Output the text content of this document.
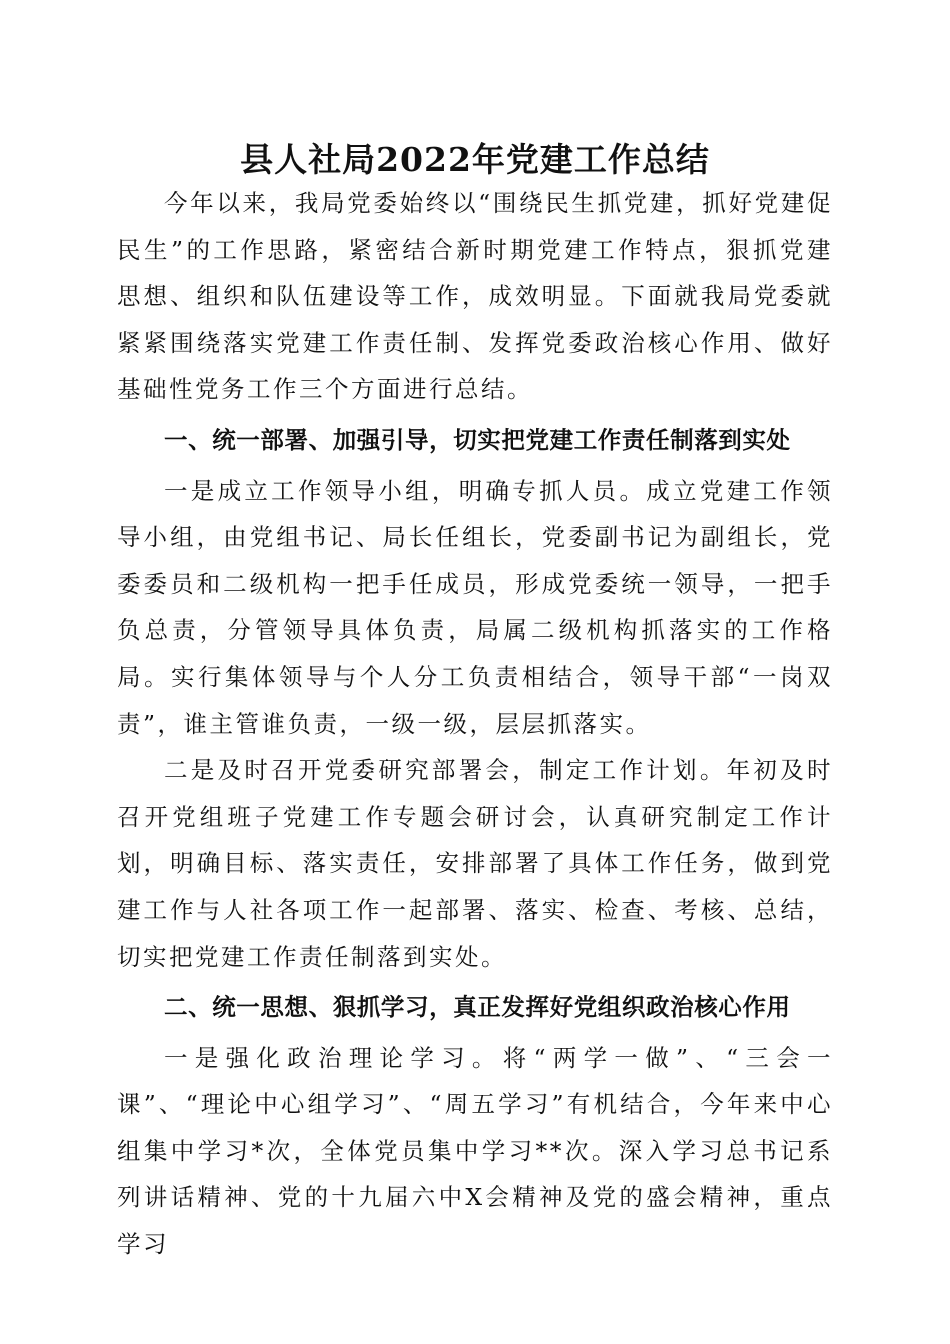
县人社局2022年党建工作总结

今年以来，我局党委始终以“围绕民生抓党建，抓好党建促民生”的工作思路，紧密结合新时期党建工作特点，狠抓党建思想、组织和队伍建设等工作，成效明显。下面就我局党委就紧紧围绕落实党建工作责任制、发挥党委政治核心作用、做好基础性党务工作三个方面进行总结。

一、统一部署、加强引导，切实把党建工作责任制落到实处

一是成立工作领导小组，明确专抓人员。成立党建工作领导小组，由党组书记、局长任组长，党委副书记为副组长，党委委员和二级机构一把手任成员，形成党委统一领导，一把手负总责，分管领导具体负责，局属二级机构抓落实的工作格局。实行集体领导与个人分工负责相结合，领导干部“一岗双责”，谁主管谁负责，一级一级，层层抓落实。

二是及时召开党委研究部署会，制定工作计划。年初及时召开党组班子党建工作专题会研讨会，认真研究制定工作计划，明确目标、落实责任，安排部署了具体工作任务，做到党建工作与人社各项工作一起部署、落实、检查、考核、总结，切实把党建工作责任制落到实处。

二、统一思想、狠抓学习，真正发挥好党组织政治核心作用

一是强化政治理论学习。将“两学一做”、“三会一课”、“理论中心组学习”、“周五学习”有机结合，今年来中心组集中学习*次，全体党员集中学习**次。深入学习总书记系列讲话精神、党的十九届六中X会精神及党的盛会精神，重点学习
